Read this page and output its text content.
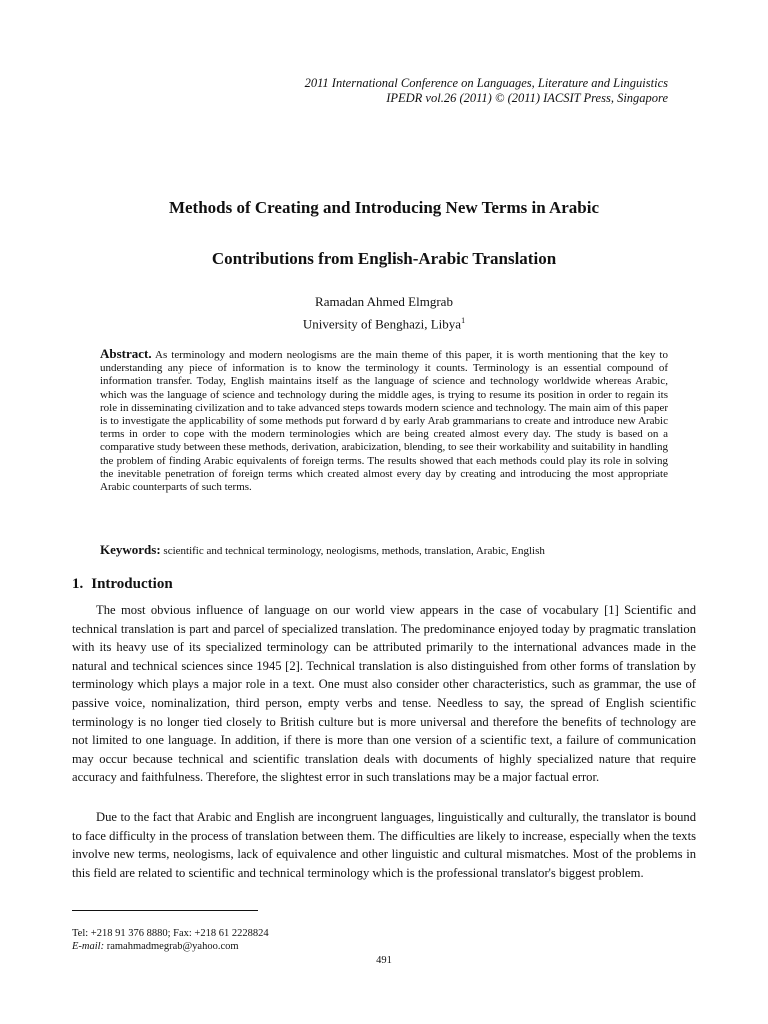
2011 International Conference on Languages, Literature and Linguistics
IPEDR vol.26 (2011) © (2011) IACSIT Press, Singapore
Methods of Creating and Introducing New Terms in Arabic
Contributions from English-Arabic Translation
Ramadan Ahmed Elmgrab
University of Benghazi, Libya$^1$

Abstract. As terminology and modern neologisms are the main theme of this paper, it is worth mentioning that the key to understanding any piece of information is to know the terminology it counts. Terminology is an essential compound of information transfer. Today, English maintains itself as the language of science and technology worldwide whereas Arabic, which was the language of science and technology during the middle ages, is trying to resume its position in order to regain its role in disseminating civilization and to take advanced steps towards modern science and technology. The main aim of this paper is to investigate the applicability of some methods put forward d by early Arab grammarians to create and introduce new Arabic terms in order to cope with the modern terminologies which are being created almost every day. The study is based on a comparative study between these methods, derivation, arabicization, blending, to see their workability and suitability in handling the problem of finding Arabic equivalents of foreign terms. The results showed that each methods could play its role in solving the inevitable penetration of foreign terms which created almost every day by creating and introducing the most appropriate Arabic counterparts of such terms.

Keywords: scientific and technical terminology, neologisms, methods, translation, Arabic, English

1. Introduction

The most obvious influence of language on our world view appears in the case of vocabulary [1] Scientific and technical translation is part and parcel of specialized translation. The predominance enjoyed today by pragmatic translation with its heavy use of its specialized terminology can be attributed primarily to the international advances made in the natural and technical sciences since 1945 [2]. Technical translation is also distinguished from other forms of translation by terminology which plays a major role in a text. One must also consider other characteristics, such as grammar, the use of passive voice, nominalization, third person, empty verbs and tense. Needless to say, the spread of English scientific terminology is no longer tied closely to British culture but is more universal and therefore the benefits of technology are not limited to one language. In addition, if there is more than one version of a scientific text, a failure of communication may occur because technical and scientific translation deals with documents of highly specialized nature that require accuracy and faithfulness. Therefore, the slightest error in such translations may be a major factual error.

Due to the fact that Arabic and English are incongruent languages, linguistically and culturally, the translator is bound to face difficulty in the process of translation between them. The difficulties are likely to increase, especially when the texts involve new terms, neologisms, lack of equivalence and other linguistic and cultural mismatches. Most of the problems in this field are related to scientific and technical terminology which is the professional translator's biggest problem.

Tel: +218 91 376 8880; Fax: +218 61 2228824
E-mail: ramahmadmegrab@yahoo.com
491
